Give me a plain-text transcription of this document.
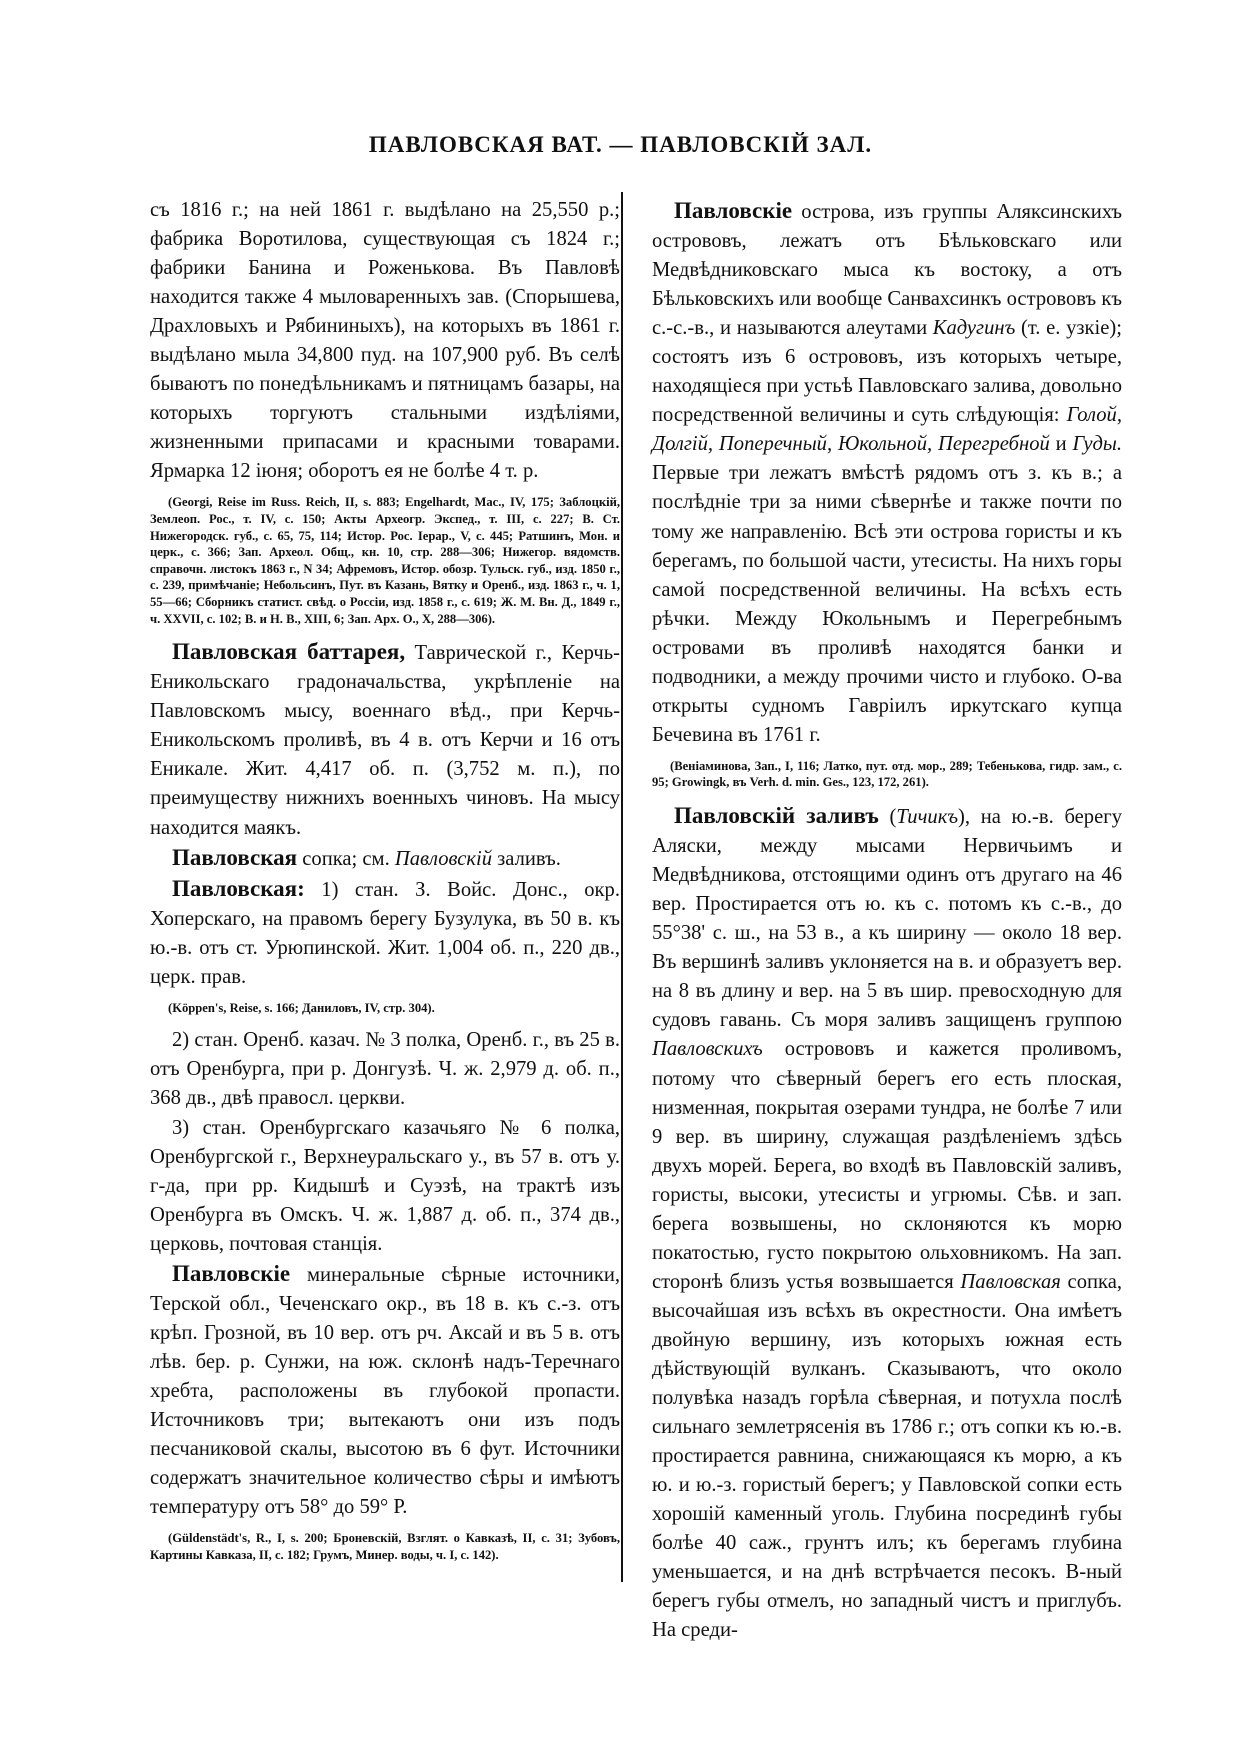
ПАВЛОВСКАЯ ВАТ. — ПАВЛОВСКІЙ ЗАЛ.

съ 1816 г.; на ней 1861 г. выдѣлано на 25,550 р.; фабрика Воротилова, существующая съ 1824 г.; фабрики Банина и Роженькова. Въ Павловѣ находится также 4 мыловаренныхъ зав. (Спорышева, Драхловыхъ и Рябининыхъ), на которыхъ въ 1861 г. выдѣлано мыла 34,800 пуд. на 107,900 руб. Въ селѣ бываютъ по понедѣльникамъ и пятницамъ базары, на которыхъ торгуютъ стальными издѣліями, жизненными припасами и красными товарами. Ярмарка 12 іюня; оборотъ ея не болѣе 4 т. р.

(Georgi, Reise im Russ. Reich, II, s. 883; Engelhardt, Mac., IV, 175; Заблоцкій, Землеоп. Рос., т. IV, с. 150; Акты Археогр. Экспед., т. III, с. 227; В. Ст. Нижегородск. губ., с. 65, 75, 114; Истор. Рос. Iерар., V, с. 445; Ратшинъ, Мон. и церк., с. 366; Зап. Археол. Общ., кн. 10, стр. 288—306; Нижегор. вядомств. справочн. листокъ 1863 г., N 34; Афремовъ, Истор. обозр. Тульск. губ., изд. 1850 г., с. 239, примѣчаніе; Небольсинъ, Пут. въ Казань, Вятку и Оренб., изд. 1863 г., ч. 1, 55—66; Сборникъ статист. свѣд. о Россіи, изд. 1858 г., с. 619; Ж. М. Вн. Д., 1849 г., ч. XXVII, с. 102; В. и Н. В., XIII, 6; Зап. Арх. О., X, 288—306).

Павловская баттарея, Таврической г., Керчь-Еникольскаго градоначальства, укрѣпленіе на Павловскомъ мысу, военнаго вѣд., при Керчь-Еникольскомъ проливѣ, въ 4 в. отъ Керчи и 16 отъ Еникале. Жит. 4,417 об. п. (3,752 м. п.), по преимуществу нижнихъ военныхъ чиновъ. На мысу находится маякъ.

Павловская сопка; см. Павловскій заливъ.

Павловская: 1) стан. З. Войс. Донс., окр. Хоперскаго, на правомъ берегу Бузулука, въ 50 в. къ ю.-в. отъ ст. Урюпинской. Жит. 1,004 об. п., 220 дв., церк. прав.

(Köppen's, Reise, s. 166; Даниловъ, IV, стр. 304).

2) стан. Оренб. казач. № 3 полка, Оренб. г., въ 25 в. отъ Оренбурга, при р. Донгузѣ. Ч. ж. 2,979 д. об. п., 368 дв., двѣ правосл. церкви.

3) стан. Оренбургскаго казачьяго № 6 полка, Оренбургской г., Верхнеуральскаго у., въ 57 в. отъ у. г-да, при рр. Кидышѣ и Суэзѣ, на трактѣ изъ Оренбурга въ Омскъ. Ч. ж. 1,887 д. об. п., 374 дв., церковь, почтовая станція.

Павловскіе минеральные сѣрные источники, Терской обл., Чеченскаго окр., въ 18 в. къ с.-з. отъ крѣп. Грозной, въ 10 вер. отъ рч. Аксай и въ 5 в. отъ лѣв. бер. р. Сунжи, на юж. склонѣ надъ-Теречнаго хребта, расположены въ глубокой пропасти. Источниковъ три; вытекаютъ они изъ подъ песчаниковой скалы, высотою въ 6 фут. Источники содержатъ значительное количество сѣры и имѣютъ температуру отъ 58° до 59° Р.

(Güldenstädt's, R., I, s. 200; Броневскій, Взглят. о Кавказѣ, II, с. 31; Зубовъ, Картины Кавказа, II, с. 182; Грумъ, Минер. воды, ч. I, с. 142).

Павловскіе острова, изъ группы Аляксинскихъ острововъ, лежатъ отъ Бѣльковскаго или Медвѣдниковскаго мыса къ востоку, а отъ Бѣльковскихъ или вообще Санвахсинкъ острововъ къ с.-с.-в., и называются алеутами Кадугинъ (т. е. узкіе); состоятъ изъ 6 острововъ, изъ которыхъ четыре, находящіеся при устьѣ Павловскаго залива, довольно посредственной величины и суть слѣдующія: Голой, Долгій, Поперечный, Юкольной, Перегребной и Гуды. Первые три лежатъ вмѣстѣ рядомъ отъ з. къ в.; а послѣдніе три за ними сѣвернѣе и также почти по тому же направленію. Всѣ эти острова гористы и къ берегамъ, по большой части, утесисты. На нихъ горы самой посредственной величины. На всѣхъ есть рѣчки. Между Юкольнымъ и Перегребнымъ островами въ проливѣ находятся банки и подводники, а между прочими чисто и глубоко. О-ва открыты судномъ Гавріилъ иркутскаго купца Бечевина въ 1761 г.

(Веніаминова, Зап., I, 116; Латко, пут. отд. мор., 289; Тебенькова, гидр. зам., с. 95; Growingk, въ Verh. d. min. Ges., 123, 172, 261).

Павловскій заливъ (Тичикъ), на ю.-в. берегу Аляски, между мысами Нервичьимъ и Медвѣдникова, отстоящими одинъ отъ другаго на 46 вер. Простирается отъ ю. къ с. потомъ къ с.-в., до 55°38' с. ш., на 53 в., а къ ширину — около 18 вер. Въ вершинѣ заливъ уклоняется на в. и образуетъ вер. на 8 въ длину и вер. на 5 въ шир. превосходную для судовъ гавань. Съ моря заливъ защищенъ группою Павловскихъ острововъ и кажется проливомъ, потому что сѣверный берегъ его есть плоская, низменная, покрытая озерами тундра, не болѣе 7 или 9 вер. въ ширину, служащая раздѣленіемъ здѣсь двухъ морей. Берега, во входѣ въ Павловскій заливъ, гористы, высоки, утесисты и угрюмы. Сѣв. и зап. берега возвышены, но склоняются къ морю покатостью, густо покрытою ольховникомъ. На зап. сторонѣ близъ устья возвышается Павловская сопка, высочайшая изъ всѣхъ въ окрестности. Она имѣетъ двойную вершину, изъ которыхъ южная есть дѣйствующій вулканъ. Сказываютъ, что около полувѣка назадъ горѣла сѣверная, и потухла послѣ сильнаго землетрясенія въ 1786 г.; отъ сопки къ ю.-в. простирается равнина, снижающаяся къ морю, а къ ю. и ю.-з. гористый берегъ; у Павловской сопки есть хорошій каменный уголь. Глубина посрединѣ губы болѣе 40 саж., грунтъ илъ; къ берегамъ глубина уменьшается, и на днѣ встрѣчается песокъ. В-ный берегъ губы отмелъ, но западный чистъ и приглубъ. На среди-
